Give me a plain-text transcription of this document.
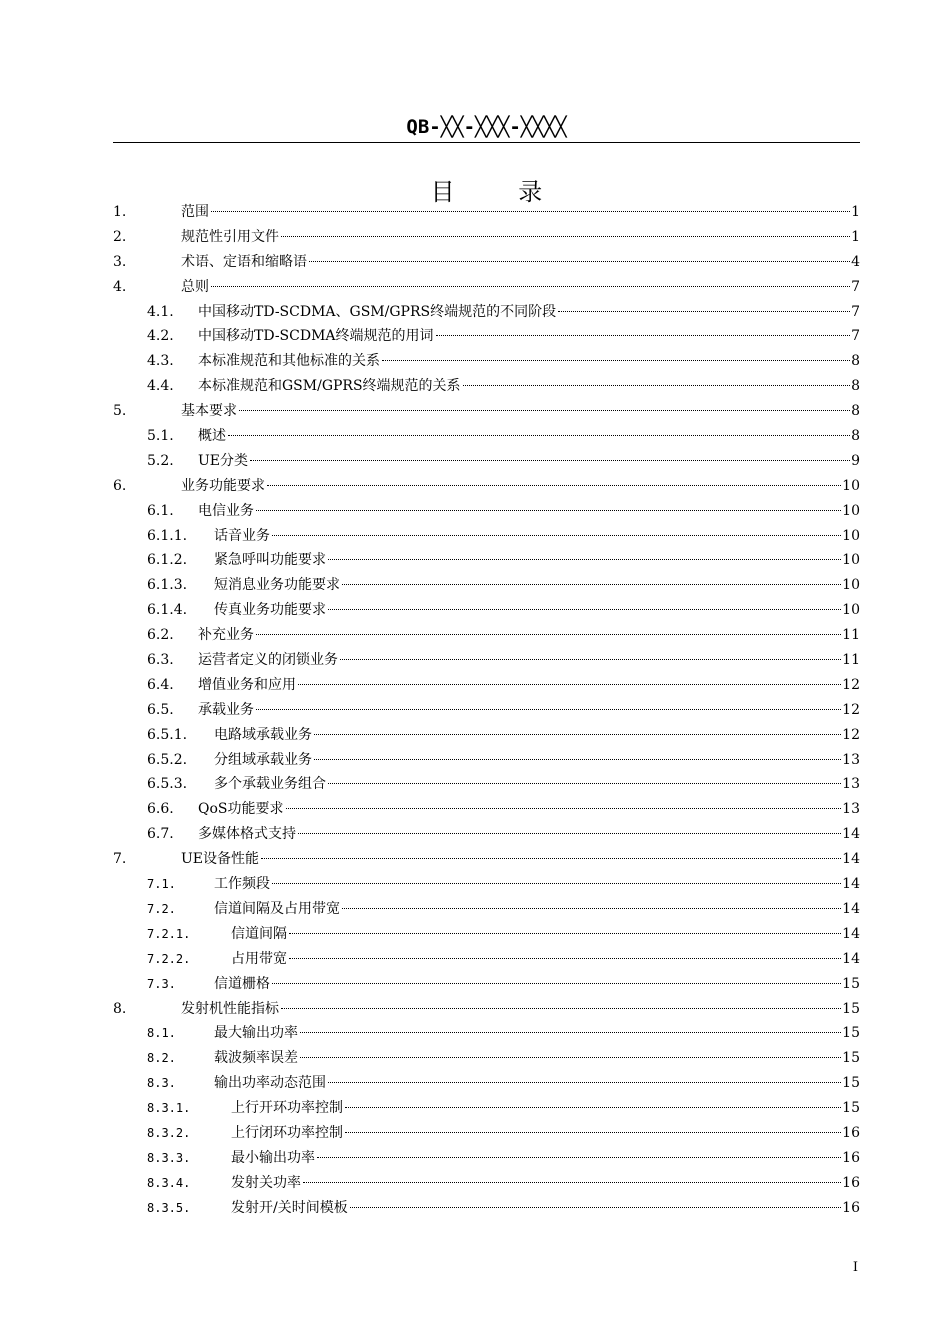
QB-╳╳-╳╳╳-╳╳╳╳
目 录
1.	范围	1
2.	规范性引用文件	1
3.	术语、定语和缩略语	4
4.	总则	7
4.1. 中国移动TD-SCDMA、GSM/GPRS终端规范的不同阶段	7
4.2. 中国移动TD-SCDMA终端规范的用词	7
4.3. 本标准规范和其他标准的关系	8
4.4. 本标准规范和GSM/GPRS终端规范的关系	8
5.	基本要求	8
5.1. 概述	8
5.2. UE分类	9
6.	业务功能要求	10
6.1. 电信业务	10
6.1.1. 话音业务	10
6.1.2. 紧急呼叫功能要求	10
6.1.3. 短消息业务功能要求	10
6.1.4. 传真业务功能要求	10
6.2. 补充业务	11
6.3. 运营者定义的闭锁业务	11
6.4. 增值业务和应用	12
6.5. 承载业务	12
6.5.1. 电路域承载业务	12
6.5.2. 分组域承载业务	13
6.5.3. 多个承载业务组合	13
6.6. QoS功能要求	13
6.7. 多媒体格式支持	14
7.	UE设备性能	14
7.1.	工作频段	14
7.2.	信道间隔及占用带宽	14
7.2.1.	信道间隔	14
7.2.2.	占用带宽	14
7.3.	信道栅格	15
8.	发射机性能指标	15
8.1.	最大输出功率	15
8.2.	载波频率误差	15
8.3.	输出功率动态范围	15
8.3.1.	上行开环功率控制	15
8.3.2.	上行闭环功率控制	16
8.3.3.	最小输出功率	16
8.3.4.	发射关功率	16
8.3.5.	发射开/关时间模板	16
I
